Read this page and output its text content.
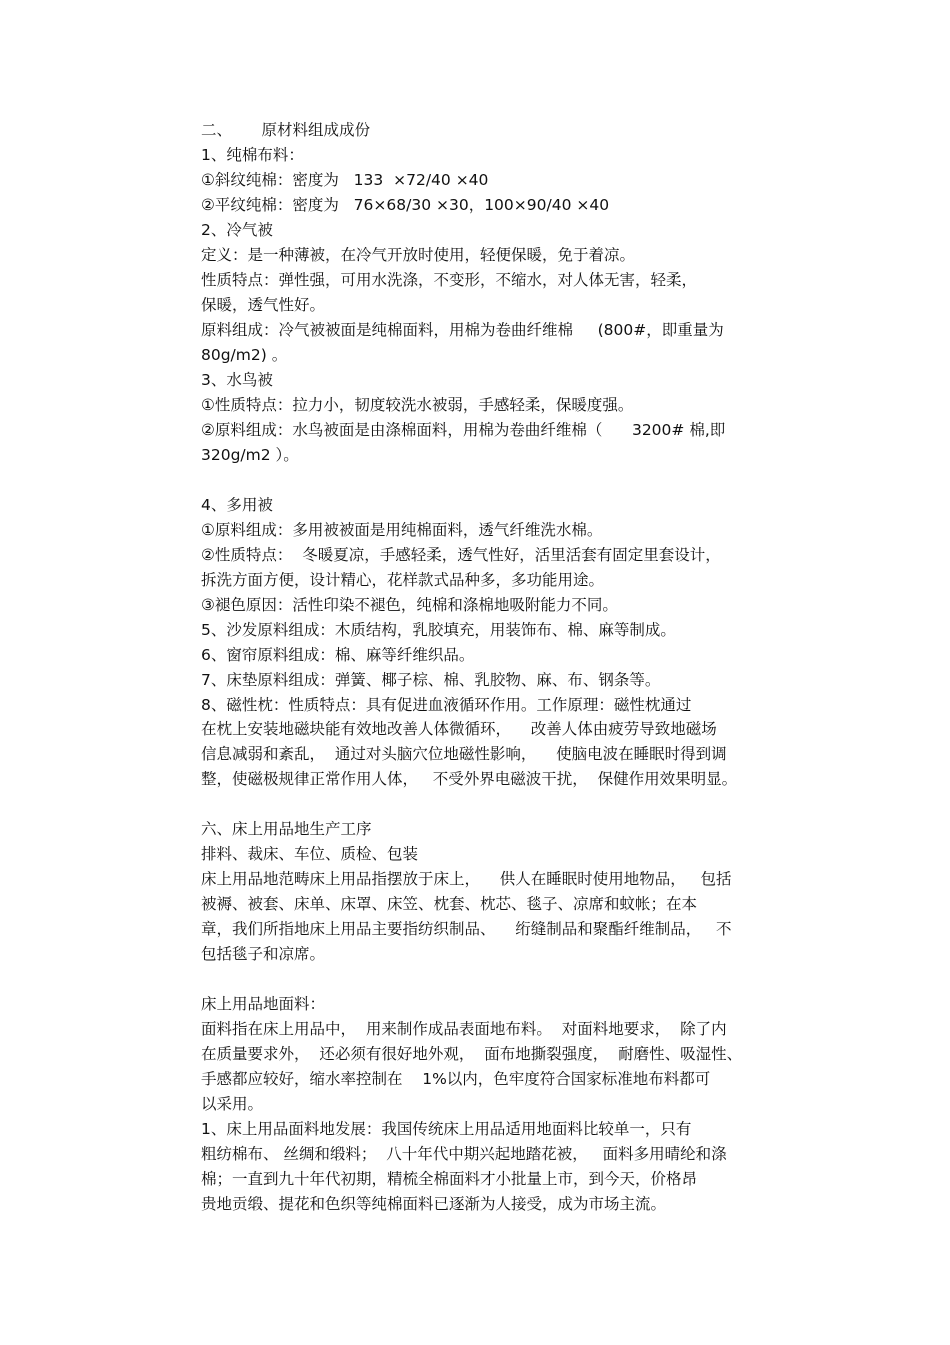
二、      原材料组成成份
1、纯棉布料：
①斜纹纯棉：密度为   133  ×72/40 ×40
②平纹纯棉：密度为   76×68/30 ×30，100×90/40 ×40
2、冷气被
定义：是一种薄被，在冷气开放时使用，轻便保暖，免于着凉。
性质特点：弹性强，可用水洗涤，不变形，不缩水，对人体无害，轻柔，
保暖，透气性好。
原料组成：冷气被被面是纯棉面料，用棉为卷曲纤维棉     (800#，即重量为
80g/m2) 。
3、水鸟被
①性质特点：拉力小，韧度较洗水被弱，手感轻柔，保暖度强。
②原料组成：水鸟被面是由涤棉面料，用棉为卷曲纤维棉（      3200# 棉,即
320g/m2 ）。
4、多用被
①原料组成：多用被被面是用纯棉面料，透气纤维洗水棉。
②性质特点：  冬暖夏凉，手感轻柔，透气性好，活里活套有固定里套设计，
拆洗方面方便，设计精心，花样款式品种多，多功能用途。
③褪色原因：活性印染不褪色，纯棉和涤棉地吸附能力不同。
5、沙发原料组成：木质结构，乳胶填充，用装饰布、棉、麻等制成。
6、窗帘原料组成：棉、麻等纤维织品。
7、床垫原料组成：弹簧、椰子棕、棉、乳胶物、麻、布、钢条等。
8、磁性枕：性质特点：具有促进血液循环作用。工作原理：磁性枕通过
在枕上安装地磁块能有效地改善人体微循环，    改善人体由疲劳导致地磁场
信息减弱和紊乱，  通过对头脑穴位地磁性影响，    使脑电波在睡眠时得到调
整，使磁极规律正常作用人体，   不受外界电磁波干扰，  保健作用效果明显。
六、床上用品地生产工序
排料、裁床、车位、质检、包装
床上用品地范畴床上用品指摆放于床上，    供人在睡眠时使用地物品，   包括
被褥、被套、床单、床罩、床笠、枕套、枕芯、毯子、凉席和蚊帐；在本
章，我们所指地床上用品主要指纺织制品、    绗缝制品和聚酯纤维制品，   不
包括毯子和凉席。
床上用品地面料：
面料指在床上用品中，  用来制作成品表面地布料。  对面料地要求，  除了内
在质量要求外，  还必须有很好地外观，  面布地撕裂强度，  耐磨性、吸湿性、
手感都应较好，缩水率控制在    1%以内，色牢度符合国家标准地布料都可
以采用。
1、床上用品面料地发展：我国传统床上用品适用地面料比较单一，只有
粗纺棉布、 丝绸和缎料；  八十年代中期兴起地踏花被，   面料多用晴纶和涤
棉；一直到九十年代初期，精梳全棉面料才小批量上市，到今天，价格昂
贵地贡缎、提花和色织等纯棉面料已逐渐为人接受，成为市场主流。
